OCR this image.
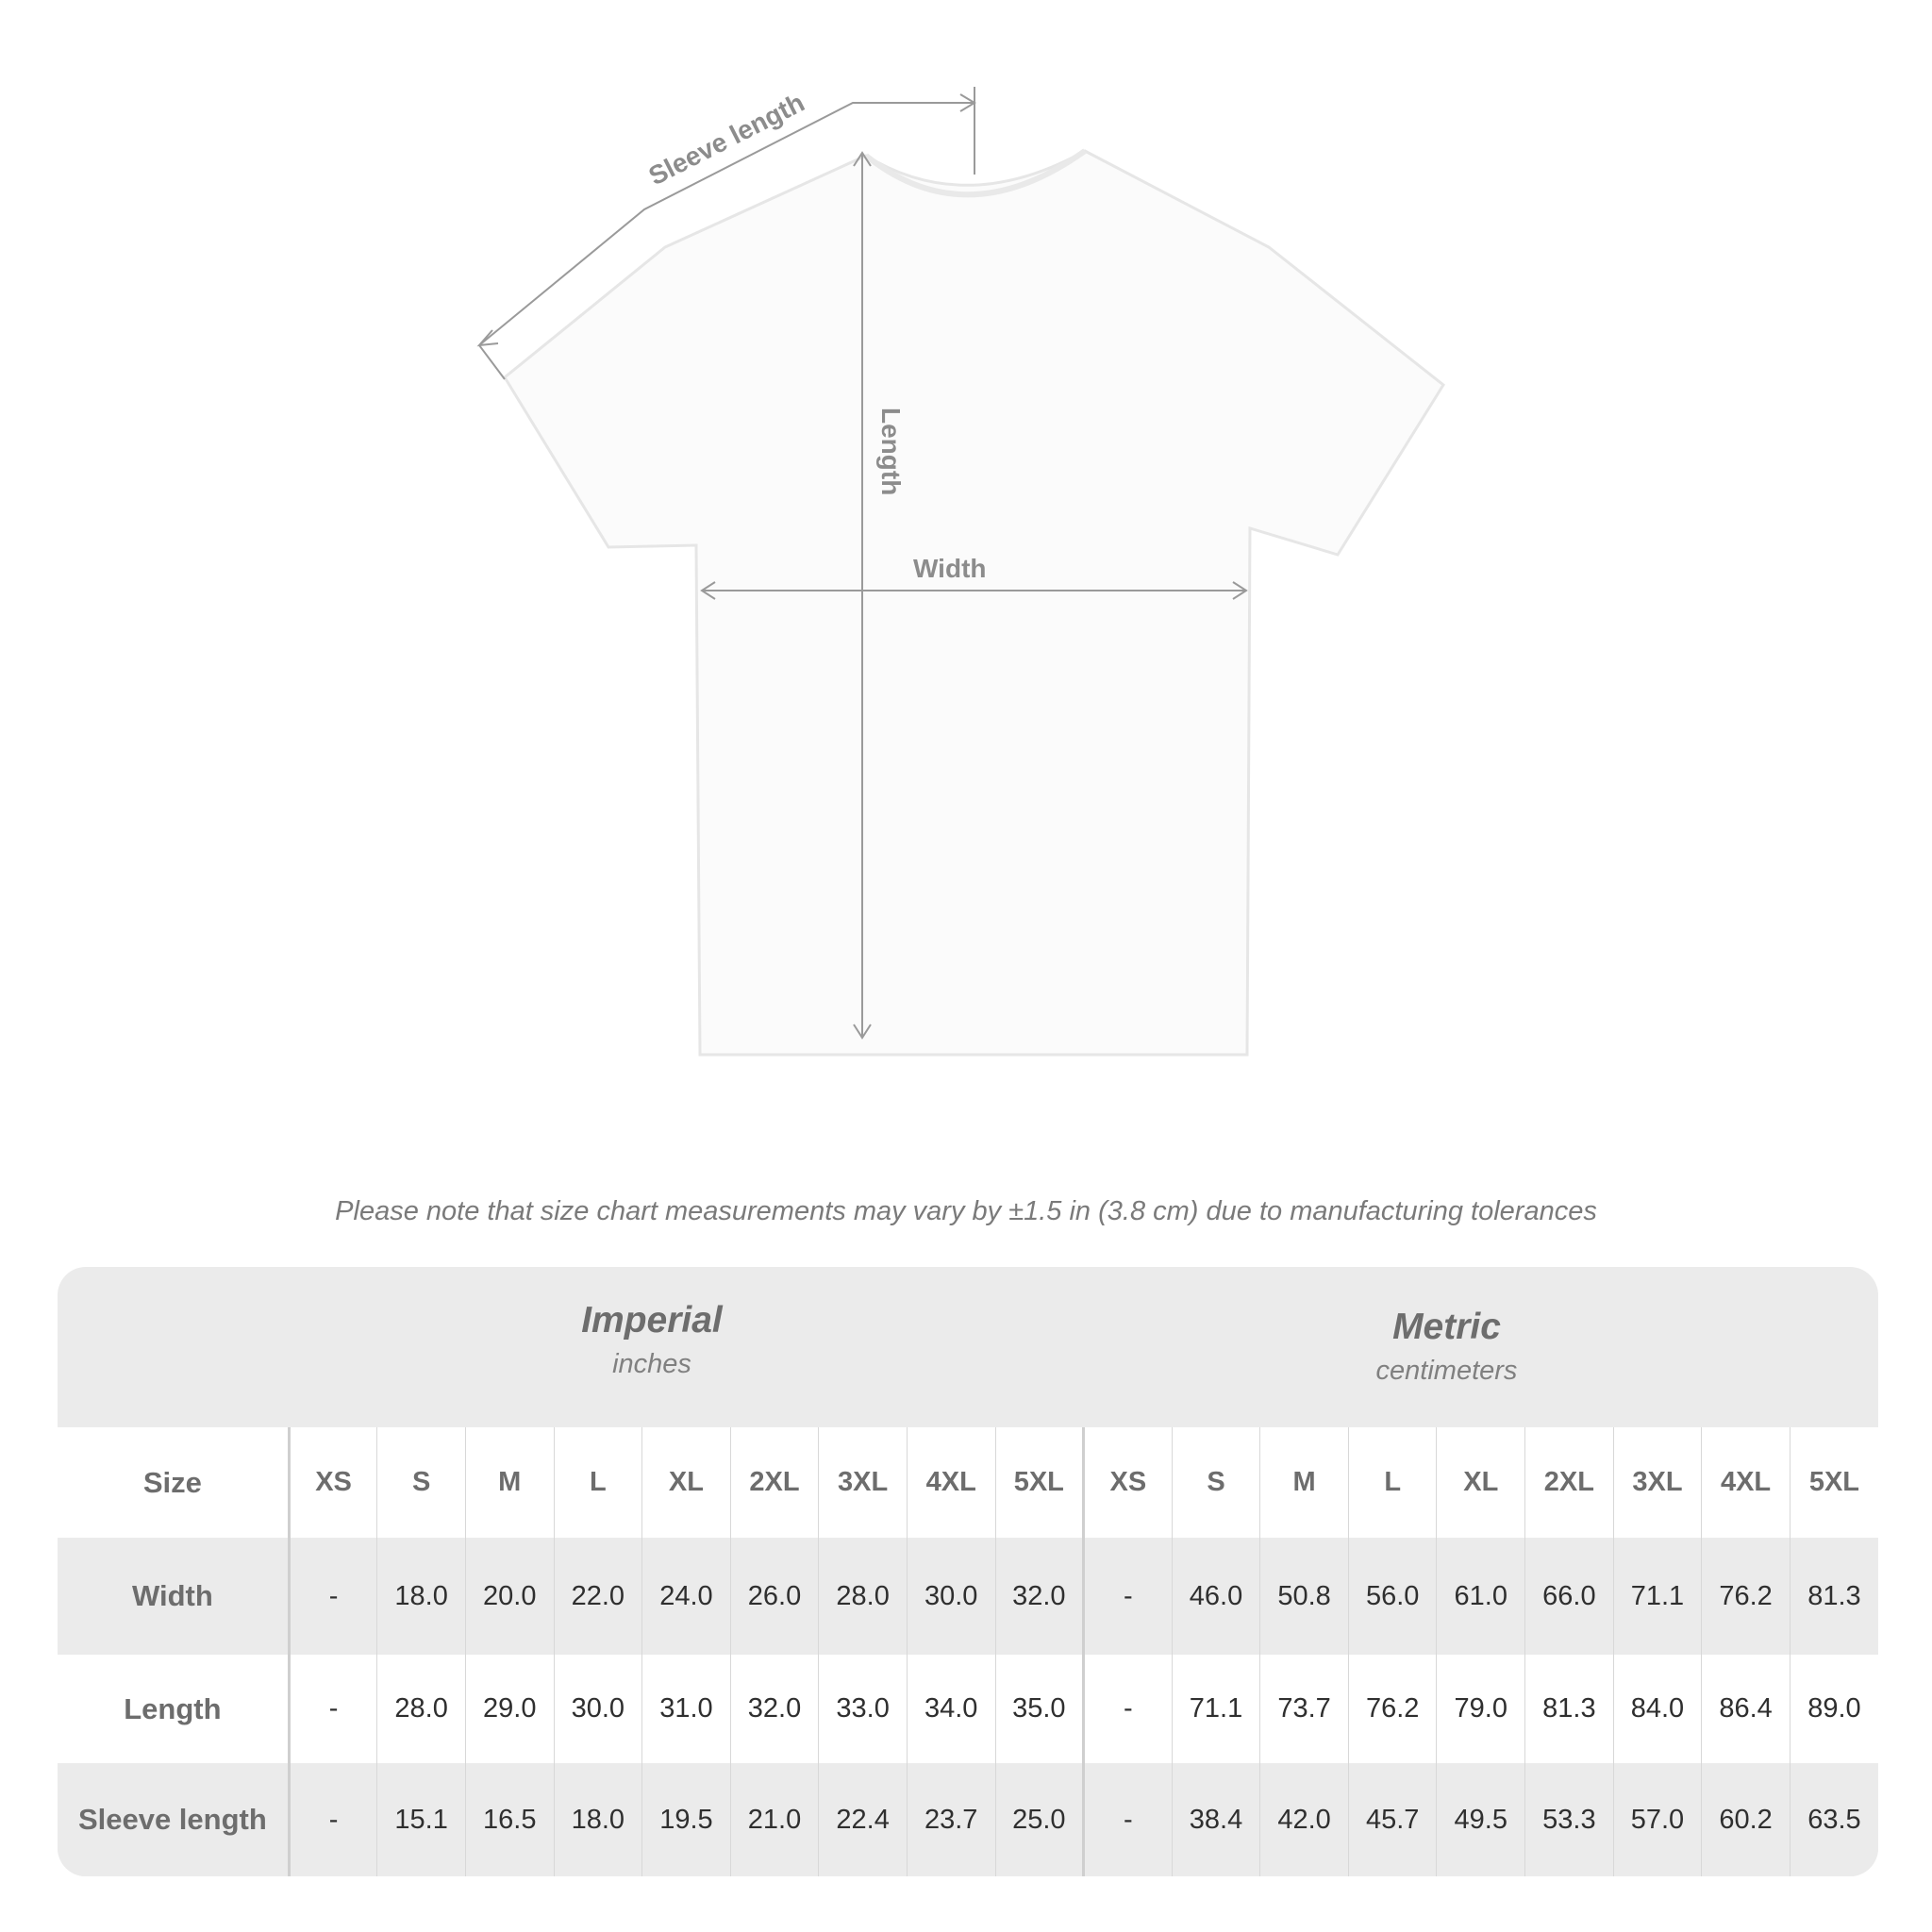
Sleeve length
Length
Width
Please note that size chart measurements may vary by ±1.5 in (3.8 cm) due to manufacturing tolerances
Imperial
inches
Metric
centimeters
Size	XS	S	M	L	XL	2XL	3XL	4XL	5XL	XS	S	M	L	XL	2XL	3XL	4XL	5XL
Width	-	18.0	20.0	22.0	24.0	26.0	28.0	30.0	32.0	-	46.0	50.8	56.0	61.0	66.0	71.1	76.2	81.3
Length	-	28.0	29.0	30.0	31.0	32.0	33.0	34.0	35.0	-	71.1	73.7	76.2	79.0	81.3	84.0	86.4	89.0
Sleeve length	-	15.1	16.5	18.0	19.5	21.0	22.4	23.7	25.0	-	38.4	42.0	45.7	49.5	53.3	57.0	60.2	63.5
